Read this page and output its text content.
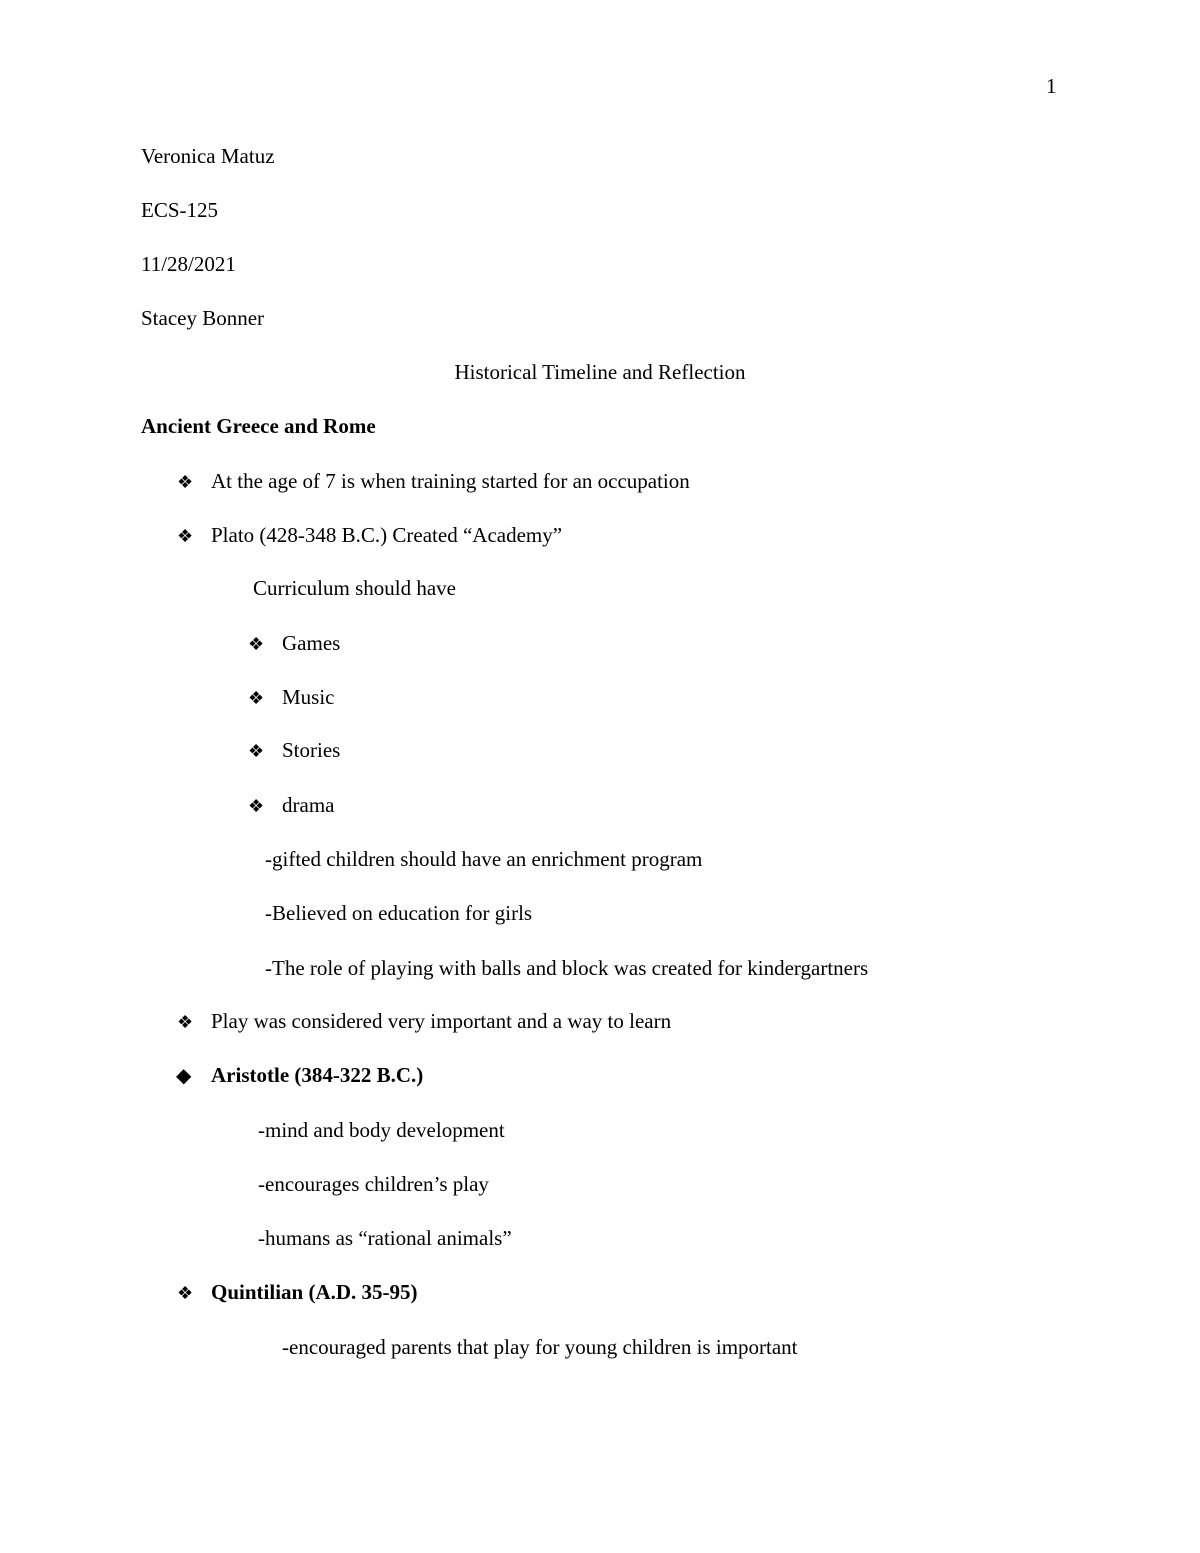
1
Veronica Matuz
ECS-125
11/28/2021
Stacey Bonner
Historical Timeline and Reflection
Ancient Greece and Rome
❖ At the age of 7 is when training started for an occupation
❖ Plato (428-348 B.C.) Created “Academy”
Curriculum should have
❖ Games
❖ Music
❖ Stories
❖ drama
-gifted children should have an enrichment program
-Believed on education for girls
-The role of playing with balls and block was created for kindergartners
❖ Play was considered very important and a way to learn
◆ Aristotle (384-322 B.C.)
-mind and body development
-encourages children’s play
-humans as “rational animals”
❖ Quintilian (A.D. 35-95)
-encouraged parents that play for young children is important
